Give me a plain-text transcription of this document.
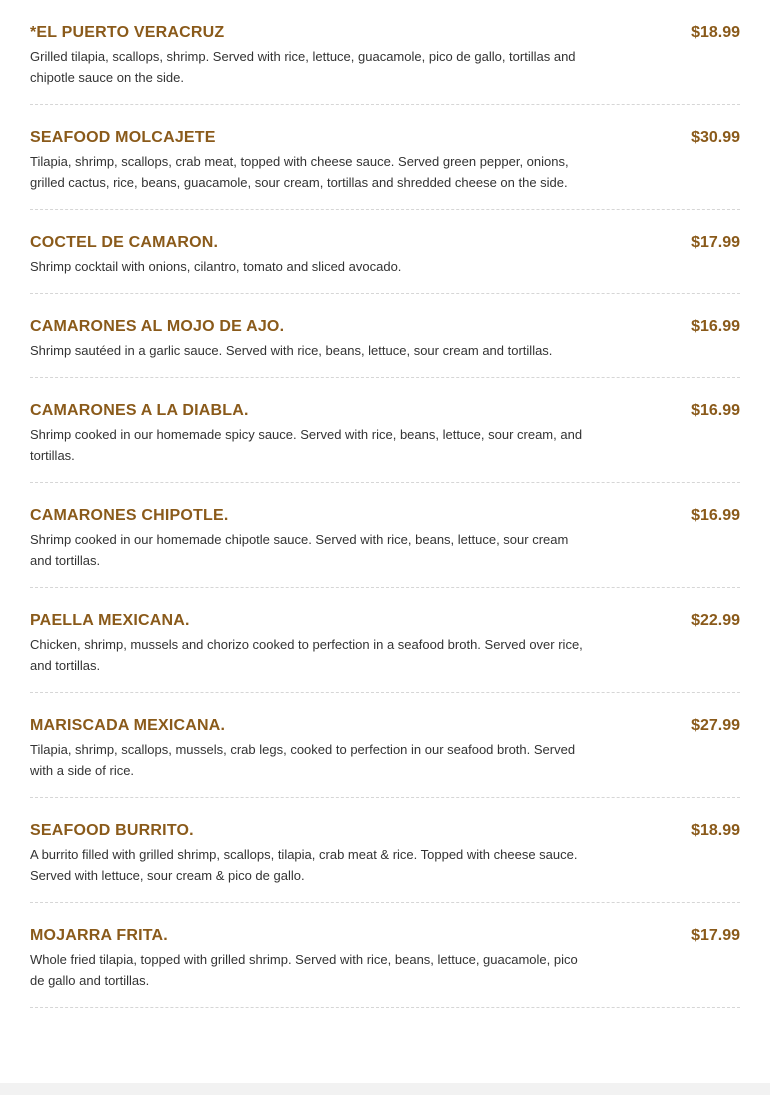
*EL PUERTO VERACRUZ	$18.99
Grilled tilapia, scallops, shrimp. Served with rice, lettuce, guacamole, pico de gallo, tortillas and chipotle sauce on the side.
SEAFOOD MOLCAJETE	$30.99
Tilapia, shrimp, scallops, crab meat, topped with cheese sauce. Served green pepper, onions, grilled cactus, rice, beans, guacamole, sour cream, tortillas and shredded cheese on the side.
COCTEL DE CAMARON.	$17.99
Shrimp cocktail with onions, cilantro, tomato and sliced avocado.
CAMARONES AL MOJO DE AJO.	$16.99
Shrimp sautéed in a garlic sauce. Served with rice, beans, lettuce, sour cream and tortillas.
CAMARONES A LA DIABLA.	$16.99
Shrimp cooked in our homemade spicy sauce. Served with rice, beans, lettuce, sour cream, and tortillas.
CAMARONES CHIPOTLE.	$16.99
Shrimp cooked in our homemade chipotle sauce. Served with rice, beans, lettuce, sour cream and tortillas.
PAELLA MEXICANA.	$22.99
Chicken, shrimp, mussels and chorizo cooked to perfection in a seafood broth. Served over rice, and tortillas.
MARISCADA MEXICANA.	$27.99
Tilapia, shrimp, scallops, mussels, crab legs, cooked to perfection in our seafood broth. Served with a side of rice.
SEAFOOD BURRITO.	$18.99
A burrito filled with grilled shrimp, scallops, tilapia, crab meat & rice. Topped with cheese sauce. Served with lettuce, sour cream & pico de gallo.
MOJARRA FRITA.	$17.99
Whole fried tilapia, topped with grilled shrimp. Served with rice, beans, lettuce, guacamole, pico de gallo and tortillas.
